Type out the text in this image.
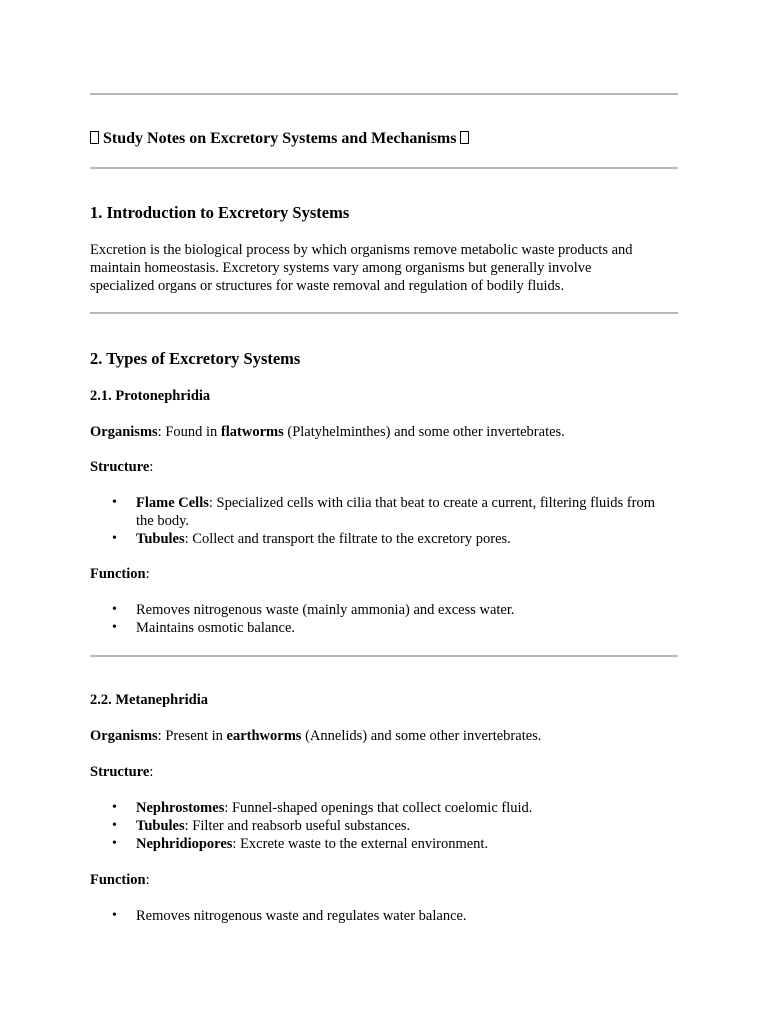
Study Notes on Excretory Systems and Mechanisms
1. Introduction to Excretory Systems
Excretion is the biological process by which organisms remove metabolic waste products and
maintain homeostasis. Excretory systems vary among organisms but generally involve
specialized organs or structures for waste removal and regulation of bodily fluids.
2. Types of Excretory Systems
2.1. Protonephridia
Organisms: Found in flatworms (Platyhelminthes) and some other invertebrates.
Structure:
• Flame Cells: Specialized cells with cilia that beat to create a current, filtering fluids from
the body.
• Tubules: Collect and transport the filtrate to the excretory pores.
Function:
• Removes nitrogenous waste (mainly ammonia) and excess water.
• Maintains osmotic balance.
2.2. Metanephridia
Organisms: Present in earthworms (Annelids) and some other invertebrates.
Structure:
• Nephrostomes: Funnel-shaped openings that collect coelomic fluid.
• Tubules: Filter and reabsorb useful substances.
• Nephridiopores: Excrete waste to the external environment.
Function:
• Removes nitrogenous waste and regulates water balance.
